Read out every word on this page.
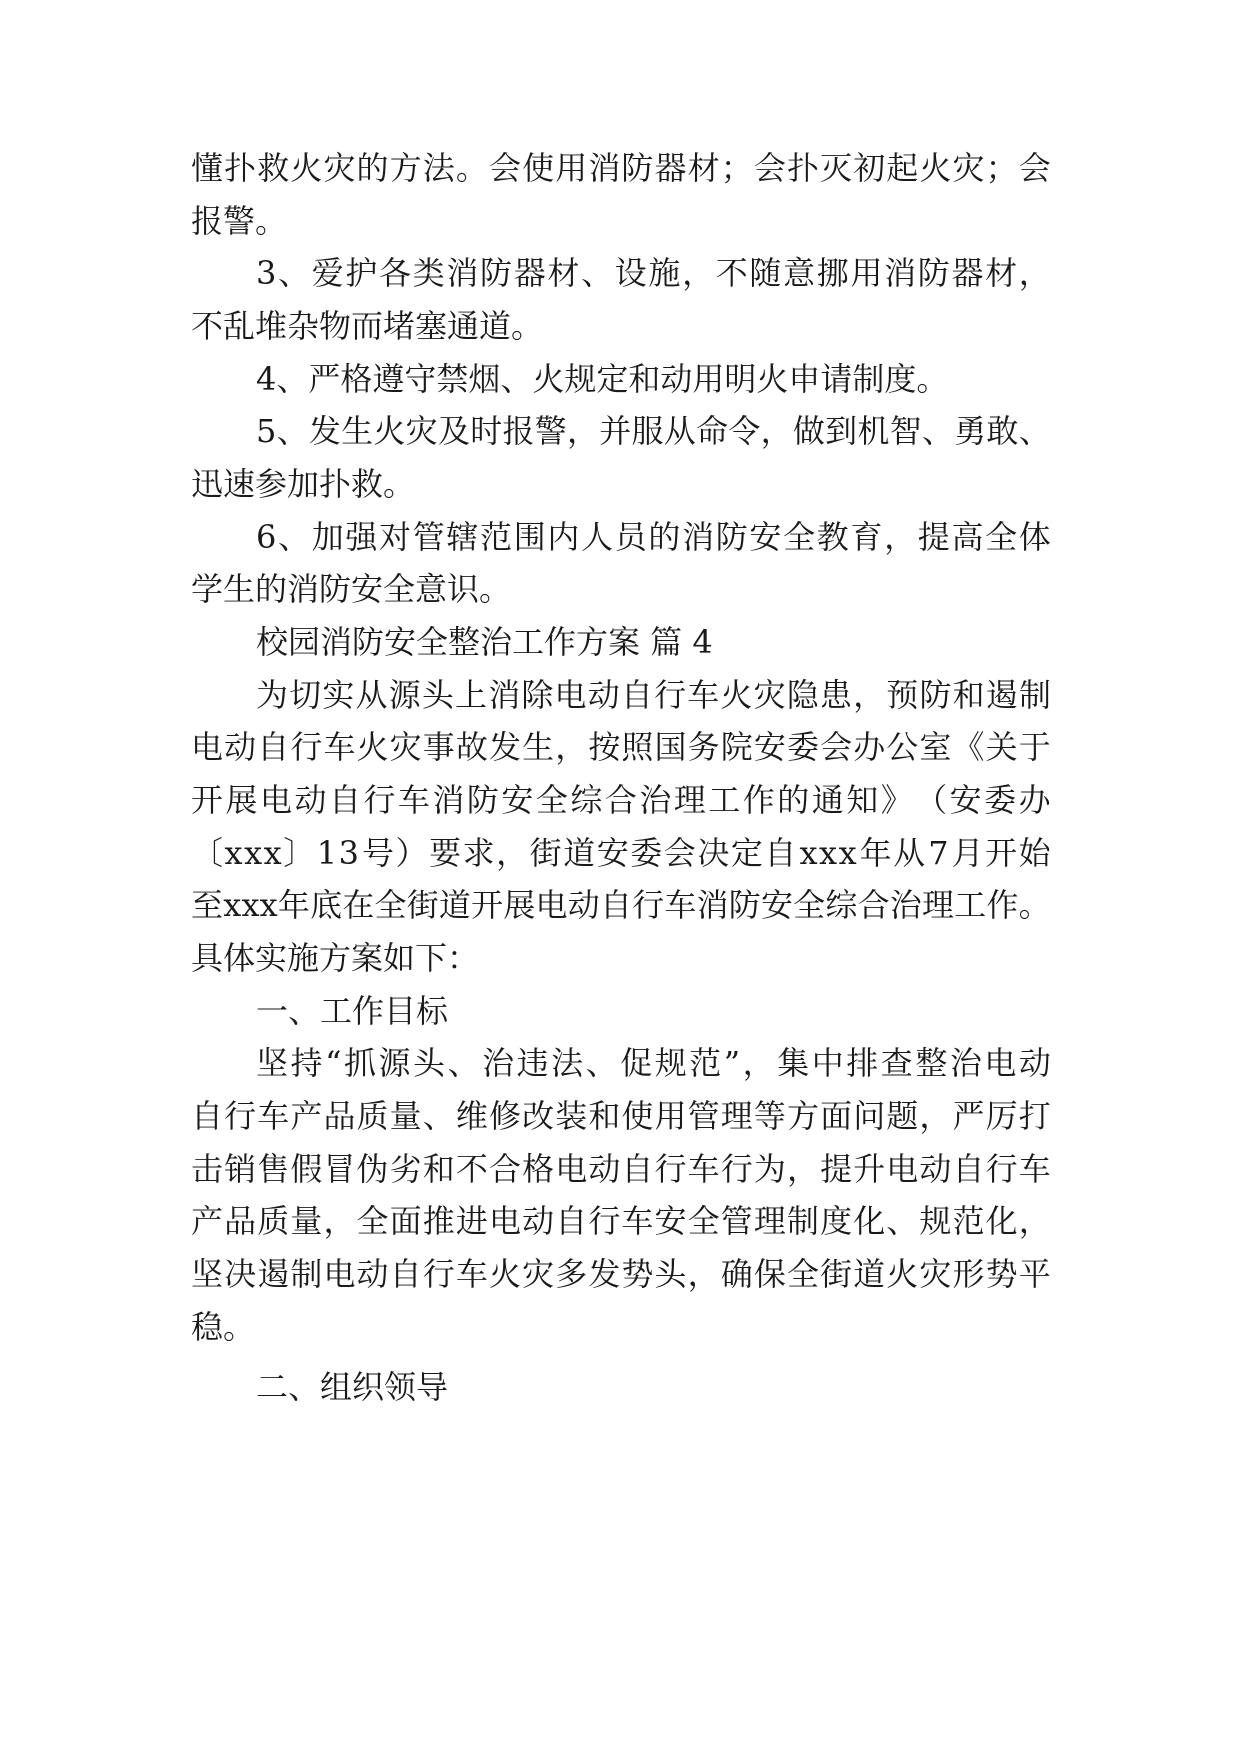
懂 扑 救 火 灾 的 方 法 。 会 使 用 消 防 器 材 ； 会 扑 灭 初 起 火 灾 ； 会
报警。
3 、 爱 护 各 类 消 防 器 材 、 设 施 ， 不 随 意 挪 用 消 防 器 材 ，
不乱堆杂物而堵塞通道。
4、严格遵守禁烟、火规定和动用明火申请制度。
5 、 发 生 火 灾 及 时 报 警 ， 并 服 从 命 令 ， 做 到 机 智 、 勇 敢 、
迅速参加扑救。
6 、 加 强 对 管 辖 范 围 内 人 员 的 消 防 安 全 教 育 ， 提 高 全 体
学生的消防安全意识。
校园消防安全整治工作方案 篇 4
为 切 实 从 源 头 上 消 除 电 动 自 行 车 火 灾 隐 患 ， 预 防 和 遏 制
电 动 自 行 车 火 灾 事 故 发 生 ， 按 照 国 务 院 安 委 会 办 公 室 《 关 于
开 展 电 动 自 行 车 消 防 安 全 综 合 治 理 工 作 的 通 知 》 （ 安 委 办
〔 x x x 〕 1 3 号 ） 要 求 ， 街 道 安 委 会 决 定 自 x x x 年 从 7 月 开 始
至 x x x 年 底 在 全 街 道 开 展 电 动 自 行 车 消 防 安 全 综 合 治 理 工 作 。
具体实施方案如下：
一、工作目标
坚 持 “ 抓 源 头 、 治 违 法 、 促 规 范 ” ， 集 中 排 查 整 治 电 动
自 行 车 产 品 质 量 、 维 修 改 装 和 使 用 管 理 等 方 面 问 题 ， 严 厉 打
击 销 售 假 冒 伪 劣 和 不 合 格 电 动 自 行 车 行 为 ， 提 升 电 动 自 行 车
产 品 质 量 ， 全 面 推 进 电 动 自 行 车 安 全 管 理 制 度 化 、 规 范 化 ，
坚 决 遏 制 电 动 自 行 车 火 灾 多 发 势 头 ， 确 保 全 街 道 火 灾 形 势 平
稳。
二、组织领导
